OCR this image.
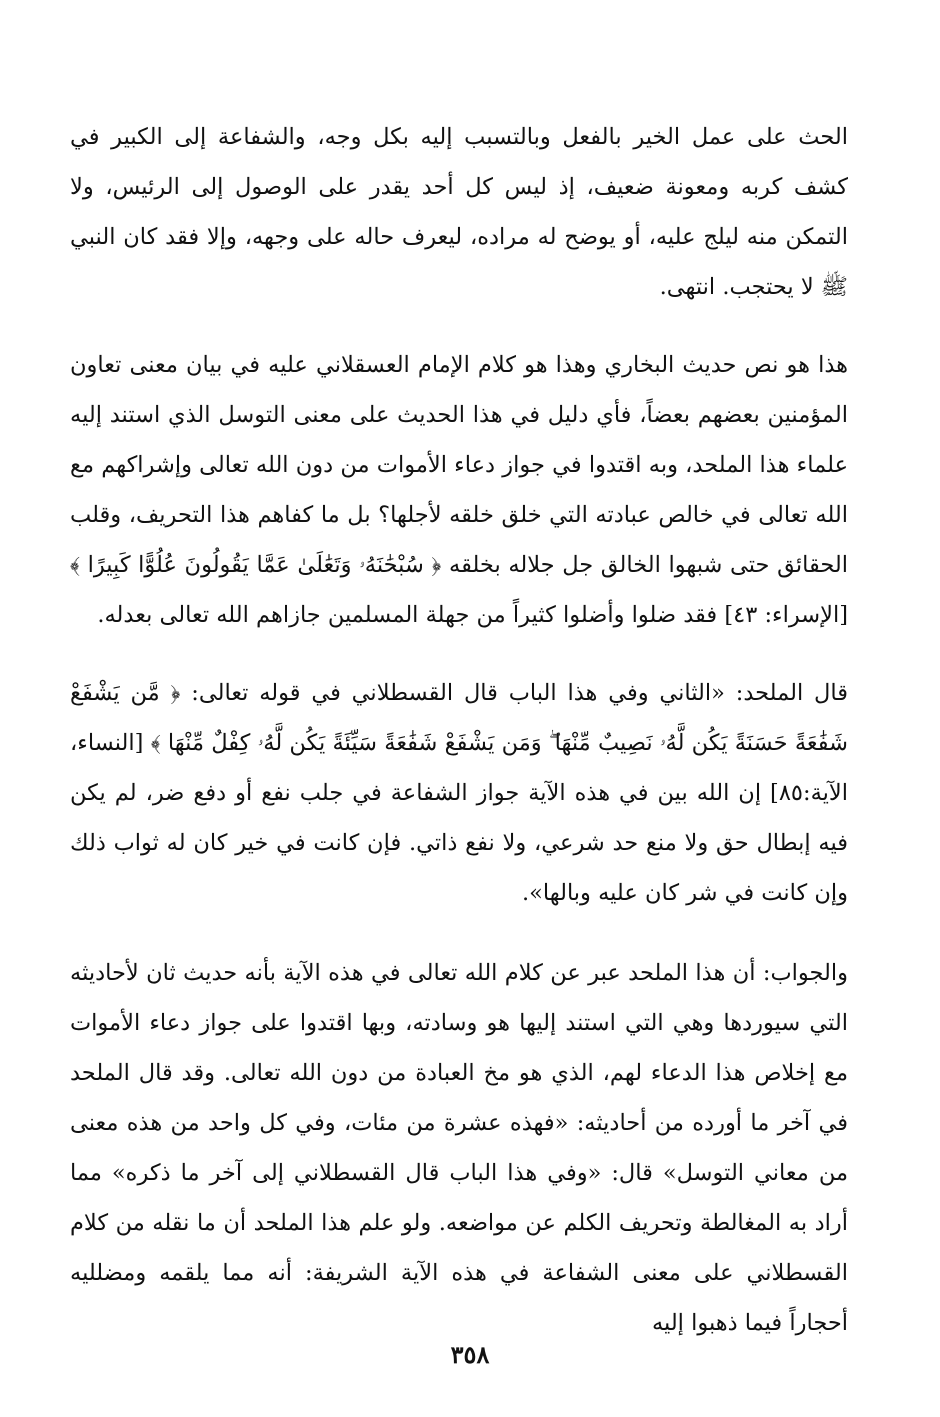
الحث على عمل الخير بالفعل وبالتسبب إليه بكل وجه، والشفاعة إلى الكبير في كشف كربه ومعونة ضعيف، إذ ليس كل أحد يقدر على الوصول إلى الرئيس، ولا التمكن منه ليلج عليه، أو يوضح له مراده، ليعرف حاله على وجهه، وإلا فقد كان النبي ﷺ لا يحتجب. انتهى.

هذا هو نص حديث البخاري وهذا هو كلام الإمام العسقلاني عليه في بيان معنى تعاون المؤمنين بعضهم بعضاً، فأي دليل في هذا الحديث على معنى التوسل الذي استند إليه علماء هذا الملحد، وبه اقتدوا في جواز دعاء الأموات من دون الله تعالى وإشراكهم مع الله تعالى في خالص عبادته التي خلق خلقه لأجلها؟ بل ما كفاهم هذا التحريف، وقلب الحقائق حتى شبهوا الخالق جل جلاله بخلقه ﴿ سُبْحَٰنَهُۥ وَتَعَٰلَىٰ عَمَّا يَقُولُونَ عُلُوًّا كَبِيرًا ﴾ [الإسراء: ٤٣] فقد ضلوا وأضلوا كثيراً من جهلة المسلمين جازاهم الله تعالى بعدله.

قال الملحد: «الثاني وفي هذا الباب قال القسطلاني في قوله تعالى: ﴿ مَّن يَشْفَعْ شَفَٰعَةً حَسَنَةً يَكُن لَّهُۥ نَصِيبٌ مِّنْهَا ۖ وَمَن يَشْفَعْ شَفَٰعَةً سَيِّئَةً يَكُن لَّهُۥ كِفْلٌ مِّنْهَا ﴾ [النساء، الآية:٨٥] إن الله بين في هذه الآية جواز الشفاعة في جلب نفع أو دفع ضر، لم يكن فيه إبطال حق ولا منع حد شرعي، ولا نفع ذاتي. فإن كانت في خير كان له ثواب ذلك وإن كانت في شر كان عليه وبالها».

والجواب: أن هذا الملحد عبر عن كلام الله تعالى في هذه الآية بأنه حديث ثان لأحاديثه التي سيوردها وهي التي استند إليها هو وسادته، وبها اقتدوا على جواز دعاء الأموات مع إخلاص هذا الدعاء لهم، الذي هو مخ العبادة من دون الله تعالى. وقد قال الملحد في آخر ما أورده من أحاديثه: «فهذه عشرة من مئات، وفي كل واحد من هذه معنى من معاني التوسل» قال: «وفي هذا الباب قال القسطلاني إلى آخر ما ذكره» مما أراد به المغالطة وتحريف الكلم عن مواضعه. ولو علم هذا الملحد أن ما نقله من كلام القسطلاني على معنى الشفاعة في هذه الآية الشريفة: أنه مما يلقمه ومضلليه أحجاراً فيما ذهبوا إليه

٣٥٨
